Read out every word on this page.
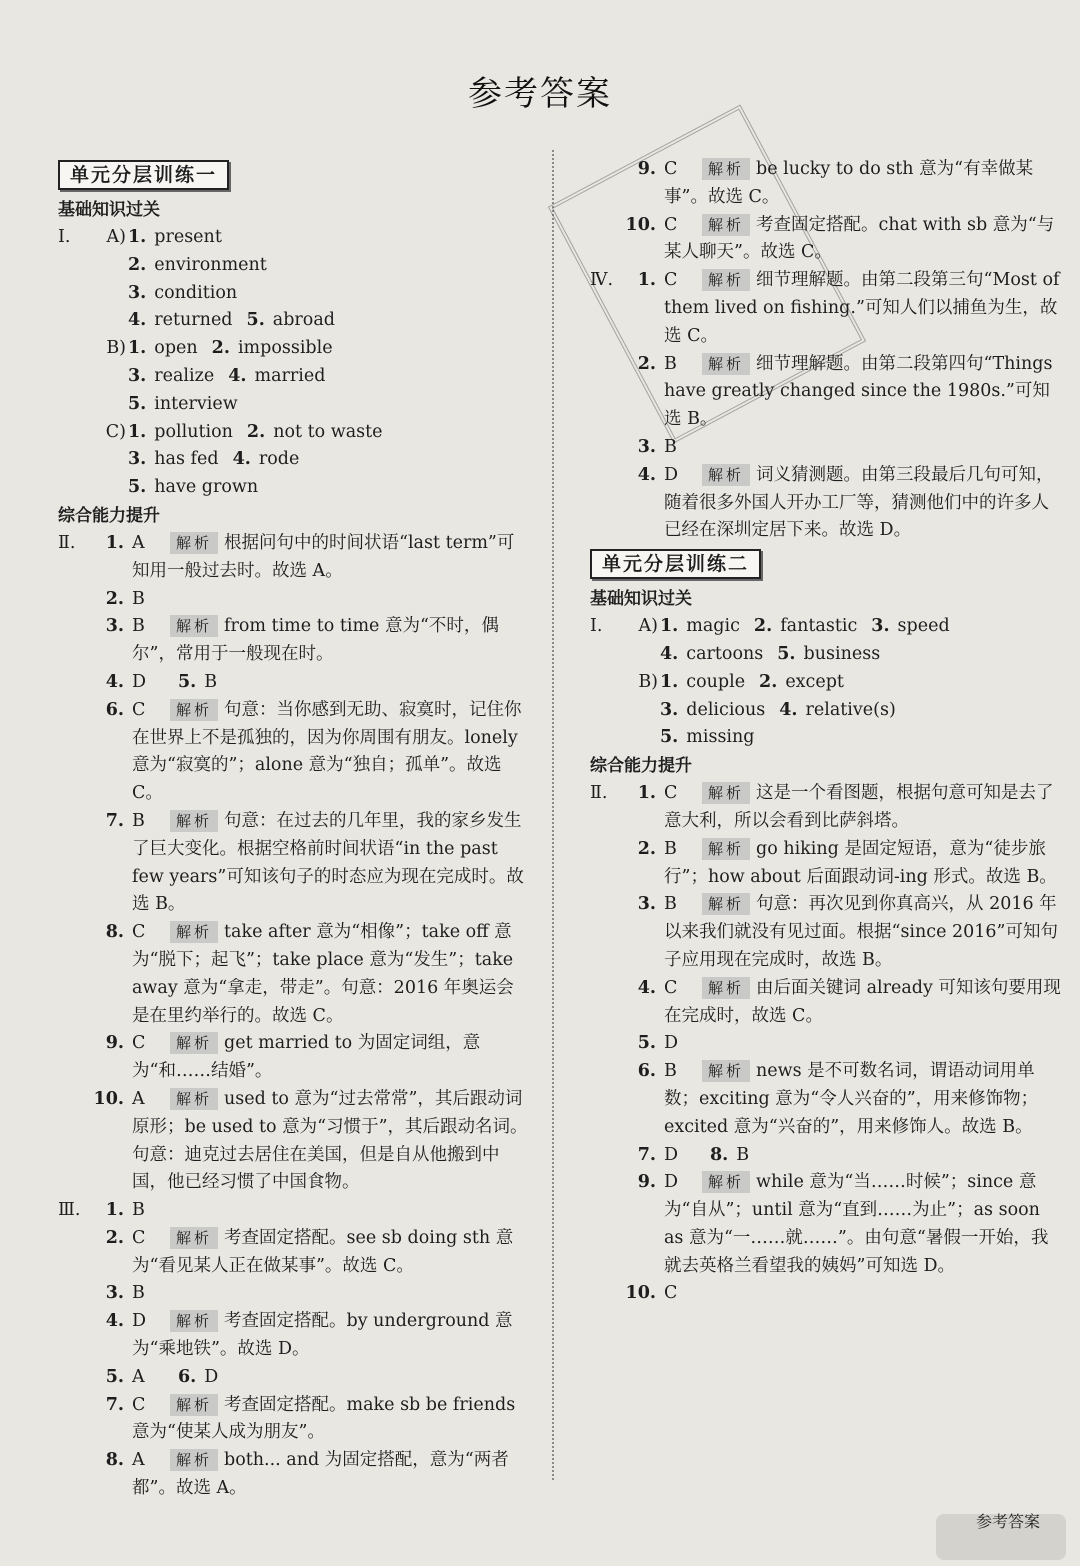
参考答案
单元分层训练一
基础知识过关
Ⅰ.	A) 1. present
2. environment
3. condition
4. returned 5. abroad
B) 1. open 2. impossible
3. realize 4. married
5. interview
C) 1. pollution 2. not to waste
3. has fed 4. rode
5. have grown
综合能力提升
Ⅱ.	1. A 解析 根据问句中的时间状语“last term”可知用一般过去时。故选 A。
2. B
3. B 解析 from time to time 意为“不时，偶尔”，常用于一般现在时。
4. D 5. B
6. C 解析 句意：当你感到无助、寂寞时，记住你在世界上不是孤独的，因为你周围有朋友。lonely 意为“寂寞的”；alone 意为“独自；孤单”。故选 C。
7. B 解析 句意：在过去的几年里，我的家乡发生了巨大变化。根据空格前时间状语“in the past few years”可知该句子的时态应为现在完成时。故选 B。
8. C 解析 take after 意为“相像”；take off 意为“脱下；起飞”；take place 意为“发生”；take away 意为“拿走，带走”。句意：2016 年奥运会是在里约举行的。故选 C。
9. C 解析 get married to 为固定词组，意为“和……结婚”。
10. A 解析 used to 意为“过去常常”，其后跟动词原形；be used to 意为“习惯于”，其后跟动名词。句意：迪克过去居住在美国，但是自从他搬到中国，他已经习惯了中国食物。
Ⅲ.	1. B
2. C 解析 考查固定搭配。see sb doing sth 意为“看见某人正在做某事”。故选 C。
3. B
4. D 解析 考查固定搭配。by underground 意为“乘地铁”。故选 D。
5. A 6. D
7. C 解析 考查固定搭配。make sb be friends 意为“使某人成为朋友”。
8. A 解析 both... and 为固定搭配，意为“两者都”。故选 A。
9. C 解析 be lucky to do sth 意为“有幸做某事”。故选 C。
10. C 解析 考查固定搭配。chat with sb 意为“与某人聊天”。故选 C。
Ⅳ.	1. C 解析 细节理解题。由第二段第三句“Most of them lived on fishing.”可知人们以捕鱼为生，故选 C。
2. B 解析 细节理解题。由第二段第四句“Things have greatly changed since the 1980s.”可知选 B。
3. B
4. D 解析 词义猜测题。由第三段最后几句可知，随着很多外国人开办工厂等，猜测他们中的许多人已经在深圳定居下来。故选 D。
单元分层训练二
基础知识过关
Ⅰ.	A) 1. magic 2. fantastic 3. speed
4. cartoons 5. business
B) 1. couple 2. except
3. delicious 4. relative(s)
5. missing
综合能力提升
Ⅱ.	1. C 解析 这是一个看图题，根据句意可知是去了意大利，所以会看到比萨斜塔。
2. B 解析 go hiking 是固定短语，意为“徒步旅行”；how about 后面跟动词-ing 形式。故选 B。
3. B 解析 句意：再次见到你真高兴，从 2016 年以来我们就没有见过面。根据“since 2016”可知句子应用现在完成时，故选 B。
4. C 解析 由后面关键词 already 可知该句要用现在完成时，故选 C。
5. D
6. B 解析 news 是不可数名词，谓语动词用单数；exciting 意为“令人兴奋的”，用来修饰物；excited 意为“兴奋的”，用来修饰人。故选 B。
7. D 8. B
9. D 解析 while 意为“当……时候”；since 意为“自从”；until 意为“直到……为止”；as soon as 意为“一……就……”。由句意“暑假一开始，我就去英格兰看望我的姨妈”可知选 D。
10. C
参考答案
